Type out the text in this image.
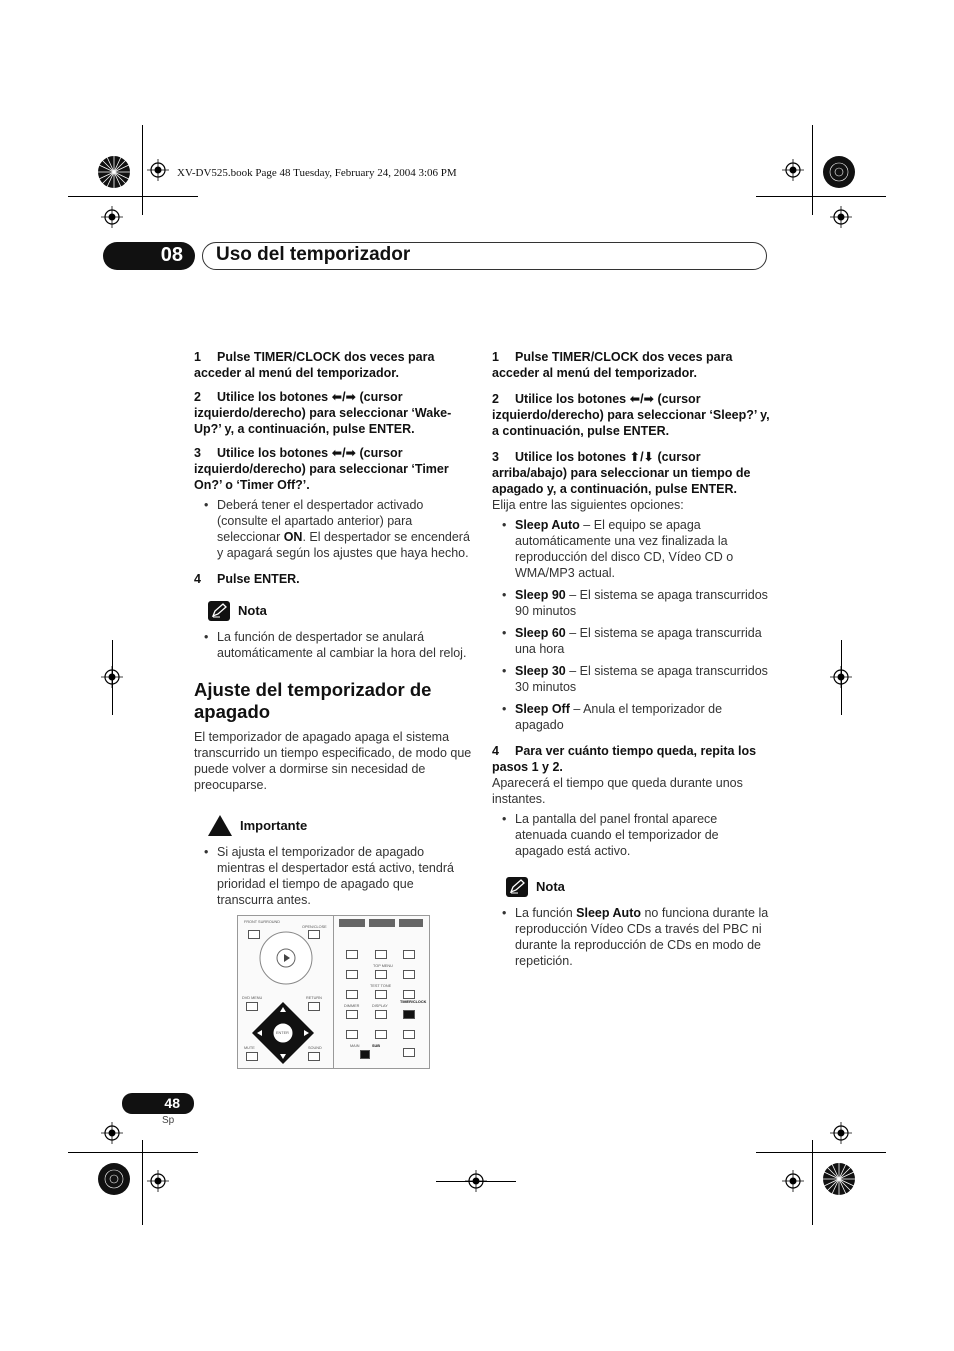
XV-DV525.book Page 48 Tuesday, February 24, 2004 3:06 PM
08	Uso del temporizador

1 Pulse TIMER/CLOCK dos veces para acceder al menú del temporizador.

2 Utilice los botones ⬅/➡ (cursor izquierdo/derecho) para seleccionar ‘Wake-Up?’ y, a continuación, pulse ENTER.

3 Utilice los botones ⬅/➡ (cursor izquierdo/derecho) para seleccionar ‘Timer On?’ o ‘Timer Off?’.

• Deberá tener el despertador activado (consulte el apartado anterior) para seleccionar ON. El despertador se encenderá y apagará según los ajustes que haya hecho.

4 Pulse ENTER.

Nota
• La función de despertador se anulará automáticamente al cambiar la hora del reloj.
Ajuste del temporizador de apagado

El temporizador de apagado apaga el sistema transcurrido un tiempo especificado, de modo que puede volver a dormirse sin necesidad de preocuparse.

Importante
• Si ajusta el temporizador de apagado mientras el despertador está activo, tendrá prioridad el tiempo de apagado que transcurra antes.
FRONT SURROUND
OPEN/CLOSE
DVD MENU	RETURN
ENTER
MUTE	SOUND
TOP MENU
TEST TONE
DIMMER	DISPLAY
TIMER/CLOCK
MAIN	SUB

1 Pulse TIMER/CLOCK dos veces para acceder al menú del temporizador.

2 Utilice los botones ⬅/➡ (cursor izquierdo/derecho) para seleccionar ‘Sleep?’ y, a continuación, pulse ENTER.

3 Utilice los botones ⬆/⬇ (cursor arriba/abajo) para seleccionar un tiempo de apagado y, a continuación, pulse ENTER.

Elija entre las siguientes opciones:

• Sleep Auto – El equipo se apaga automáticamente una vez finalizada la reproducción del disco CD, Vídeo CD o WMA/MP3 actual.
• Sleep 90 – El sistema se apaga transcurridos 90 minutos
• Sleep 60 – El sistema se apaga transcurrida una hora
• Sleep 30 – El sistema se apaga transcurridos 30 minutos
• Sleep Off – Anula el temporizador de apagado

4 Para ver cuánto tiempo queda, repita los pasos 1 y 2.

Aparecerá el tiempo que queda durante unos instantes.

• La pantalla del panel frontal aparece atenuada cuando el temporizador de apagado está activo.
Nota
• La función Sleep Auto no funciona durante la reproducción Vídeo CDs a través del PBC ni durante la reproducción de CDs en modo de repetición.
48
Sp
